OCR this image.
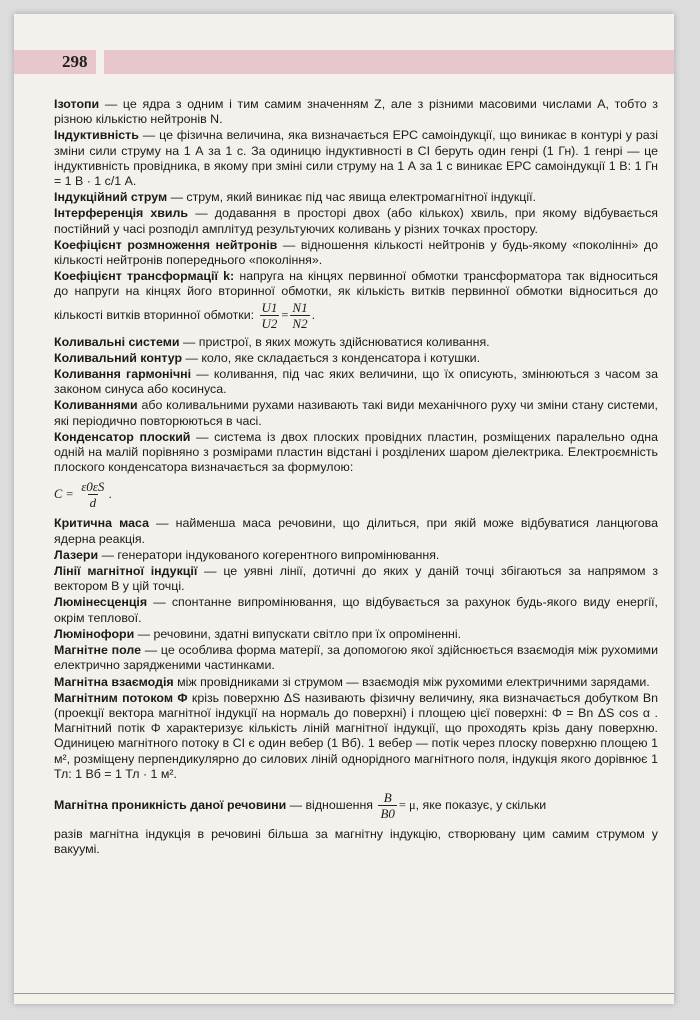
298

Ізотопи — це ядра з одним і тим самим значенням Z, але з різними масовими числами A, тобто з різною кількістю нейтронів N.

Індуктивність — це фізична величина, яка визначається ЕРС самоіндукції, що виникає в контурі у разі зміни сили струму на 1 А за 1 с. За одиницю індуктивності в СІ беруть один генрі (1 Гн). 1 генрі — це індуктивність провідника, в якому при зміні сили струму на 1 А за 1 с виникає ЕРС самоіндукції 1 В: 1 Гн = 1 В · 1 с/1 А.

Індукційний струм — струм, який виникає під час явища електромагнітної індукції.

Інтерференція хвиль — додавання в просторі двох (або кількох) хвиль, при якому відбувається постійний у часі розподіл амплітуд результуючих коливань у різних точках простору.

Коефіцієнт розмноження нейтронів — відношення кількості нейтронів у будь-якому «поколінні» до кількості нейтронів попереднього «покоління».

Коефіцієнт трансформації k: напруга на кінцях первинної обмотки трансформатора так відноситься до напруги на кінцях його вторинної обмотки, як кількість витків первинної обмотки відноситься до кількості витків вторинної обмотки: $\frac{U1}{U2} = \frac{N1}{N2}$ .

Коливальні системи — пристрої, в яких можуть здійснюватися коливання.

Коливальний контур — коло, яке складається з конденсатора і котушки.

Коливання гармонічні — коливання, під час яких величини, що їх описують, змінюються з часом за законом синуса або косинуса.

Коливаннями або коливальними рухами називають такі види механічного руху чи зміни стану системи, які періодично повторюються в часі.

Конденсатор плоский — система із двох плоских провідних пластин, розміщених паралельно одна одній на малій порівняно з розмірами пластин відстані і розділених шаром діелектрика. Електроємність плоского конденсатора визначається за формулою:

$C = \frac{\varepsilon 0\varepsilon S}{d}$ .

Критична маса — найменша маса речовини, що ділиться, при якій може відбуватися ланцюгова ядерна реакція.

Лазери — генератори індукованого когерентного випромінювання.

Лінії магнітної індукції — це уявні лінії, дотичні до яких у даній точці збігаються за напрямом з вектором B у цій точці.

Люмінесценція — спонтанне випромінювання, що відбувається за рахунок будь-якого виду енергії, окрім теплової.

Люмінофори — речовини, здатні випускати світло при їх опроміненні.

Магнітне поле — це особлива форма матерії, за допомогою якої здійснюється взаємодія між рухомими електрично зарядженими частинками.

Магнітна взаємодія між провідниками зі струмом — взаємодія між рухомими електричними зарядами.

Магнітним потоком Φ крізь поверхню ΔS називають фізичну величину, яка визначається добутком Bn (проекції вектора магнітної індукції на нормаль до поверхні) і площею цієї поверхні: Φ = Bn ΔS cos α . Магнітний потік Φ характеризує кількість ліній магнітної індукції, що проходять крізь дану поверхню. Одиницею магнітного потоку в СІ є один вебер (1 Вб). 1 вебер — потік через плоску поверхню площею 1 м², розміщену перпендикулярно до силових ліній однорідного магнітного поля, індукція якого дорівнює 1 Тл: 1 Вб = 1 Тл · 1 м².

Магнітна проникність даної речовини — відношення $\frac{B}{B0} = \mu$, яке показує, у скільки

разів магнітна індукція в речовині більша за магнітну індукцію, створювану цим самим струмом у вакуумі.
